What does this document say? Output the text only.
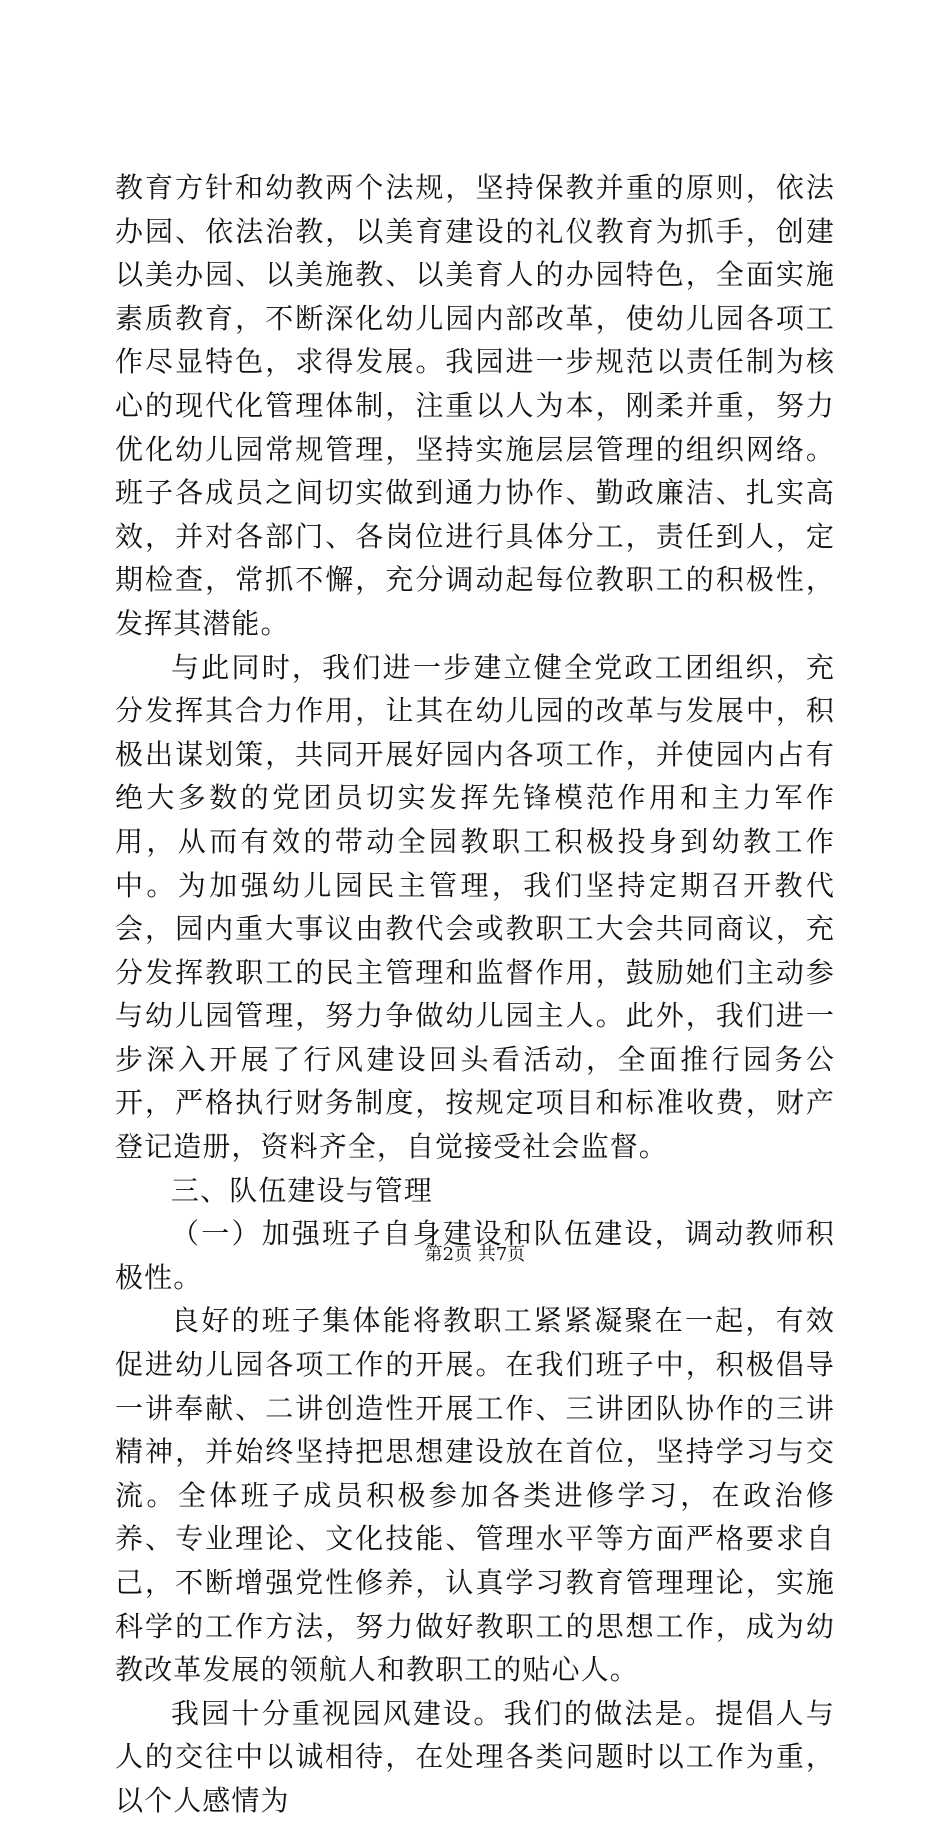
教育方针和幼教两个法规，坚持保教并重的原则，依法办园、依法治教，以美育建设的礼仪教育为抓手，创建以美办园、以美施教、以美育人的办园特色，全面实施素质教育，不断深化幼儿园内部改革，使幼儿园各项工作尽显特色，求得发展。我园进一步规范以责任制为核心的现代化管理体制，注重以人为本，刚柔并重，努力优化幼儿园常规管理，坚持实施层层管理的组织网络。班子各成员之间切实做到通力协作、勤政廉洁、扎实高效，并对各部门、各岗位进行具体分工，责任到人，定期检查，常抓不懈，充分调动起每位教职工的积极性，发挥其潜能。

与此同时，我们进一步建立健全党政工团组织，充分发挥其合力作用，让其在幼儿园的改革与发展中，积极出谋划策，共同开展好园内各项工作，并使园内占有绝大多数的党团员切实发挥先锋模范作用和主力军作用，从而有效的带动全园教职工积极投身到幼教工作中。为加强幼儿园民主管理，我们坚持定期召开教代会，园内重大事议由教代会或教职工大会共同商议，充分发挥教职工的民主管理和监督作用，鼓励她们主动参与幼儿园管理，努力争做幼儿园主人。此外，我们进一步深入开展了行风建设回头看活动，全面推行园务公开，严格执行财务制度，按规定项目和标准收费，财产登记造册，资料齐全，自觉接受社会监督。

三、队伍建设与管理

（一）加强班子自身建设和队伍建设，调动教师积极性。

良好的班子集体能将教职工紧紧凝聚在一起，有效促进幼儿园各项工作的开展。在我们班子中，积极倡导一讲奉献、二讲创造性开展工作、三讲团队协作的三讲精神，并始终坚持把思想建设放在首位，坚持学习与交流。全体班子成员积极参加各类进修学习，在政治修养、专业理论、文化技能、管理水平等方面严格要求自己，不断增强党性修养，认真学习教育管理理论，实施科学的工作方法，努力做好教职工的思想工作，成为幼教改革发展的领航人和教职工的贴心人。

我园十分重视园风建设。我们的做法是。提倡人与人的交往中以诚相待，在处理各类问题时以工作为重，以个人感情为

第2页 共7页
